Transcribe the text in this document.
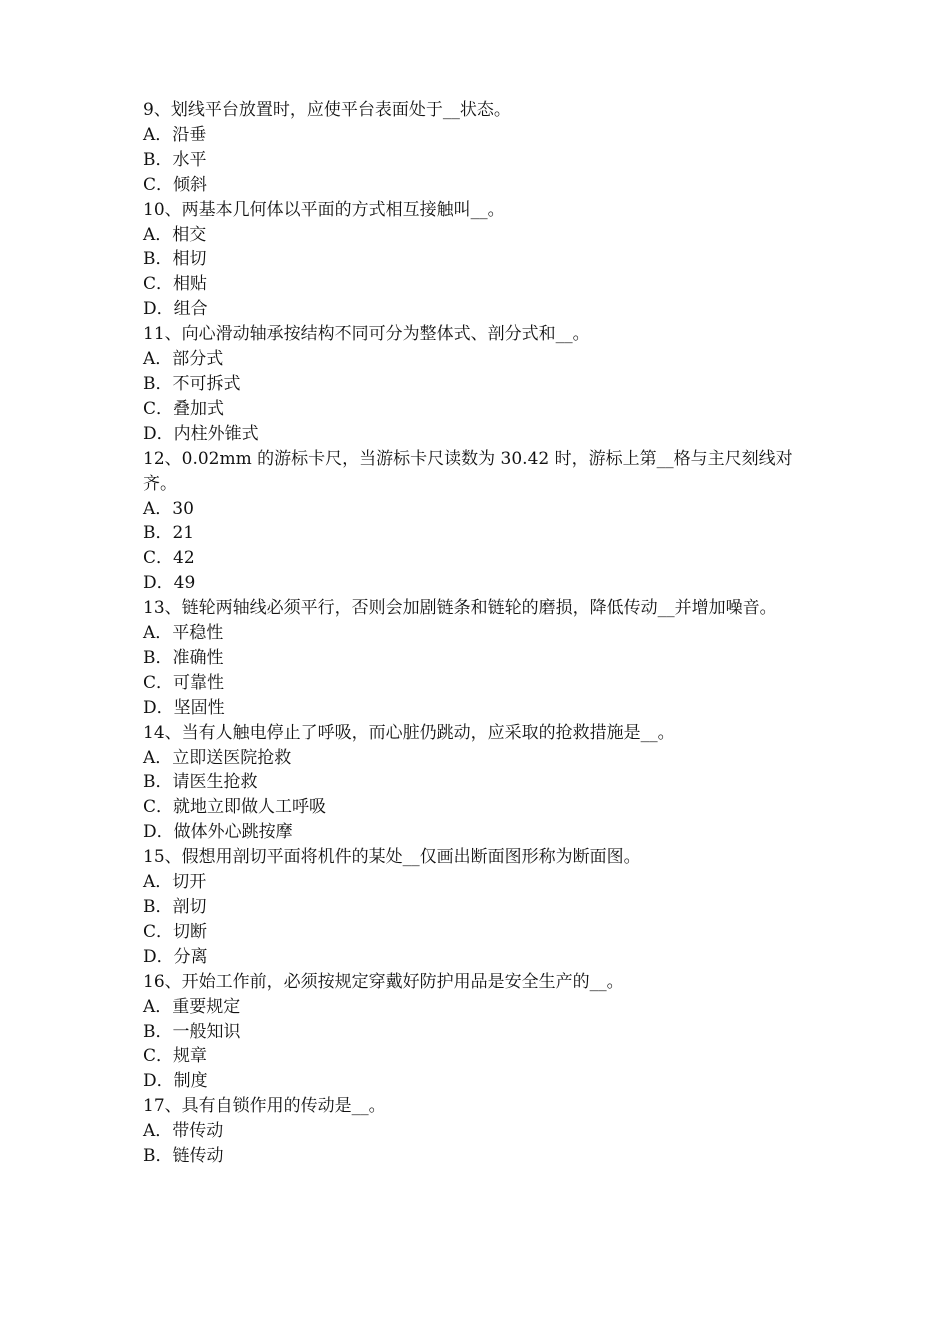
9、划线平台放置时，应使平台表面处于__状态。

A．沿垂

B．水平

C．倾斜

10、两基本几何体以平面的方式相互接触叫__。

A．相交

B．相切

C．相贴

D．组合

11、向心滑动轴承按结构不同可分为整体式、剖分式和__。

A．部分式

B．不可拆式

C．叠加式

D．内柱外锥式

12、0.02mm 的游标卡尺，当游标卡尺读数为 30.42 时，游标上第__格与主尺刻线对齐。

A．30

B．21

C．42

D．49

13、链轮两轴线必须平行，否则会加剧链条和链轮的磨损，降低传动__并增加噪音。

A．平稳性

B．准确性

C．可靠性

D．坚固性

14、当有人触电停止了呼吸，而心脏仍跳动，应采取的抢救措施是__。

A．立即送医院抢救

B．请医生抢救

C．就地立即做人工呼吸

D．做体外心跳按摩

15、假想用剖切平面将机件的某处__仅画出断面图形称为断面图。

A．切开

B．剖切

C．切断

D．分离

16、开始工作前，必须按规定穿戴好防护用品是安全生产的__。

A．重要规定

B．一般知识

C．规章

D．制度

17、具有自锁作用的传动是__。

A．带传动

B．链传动
